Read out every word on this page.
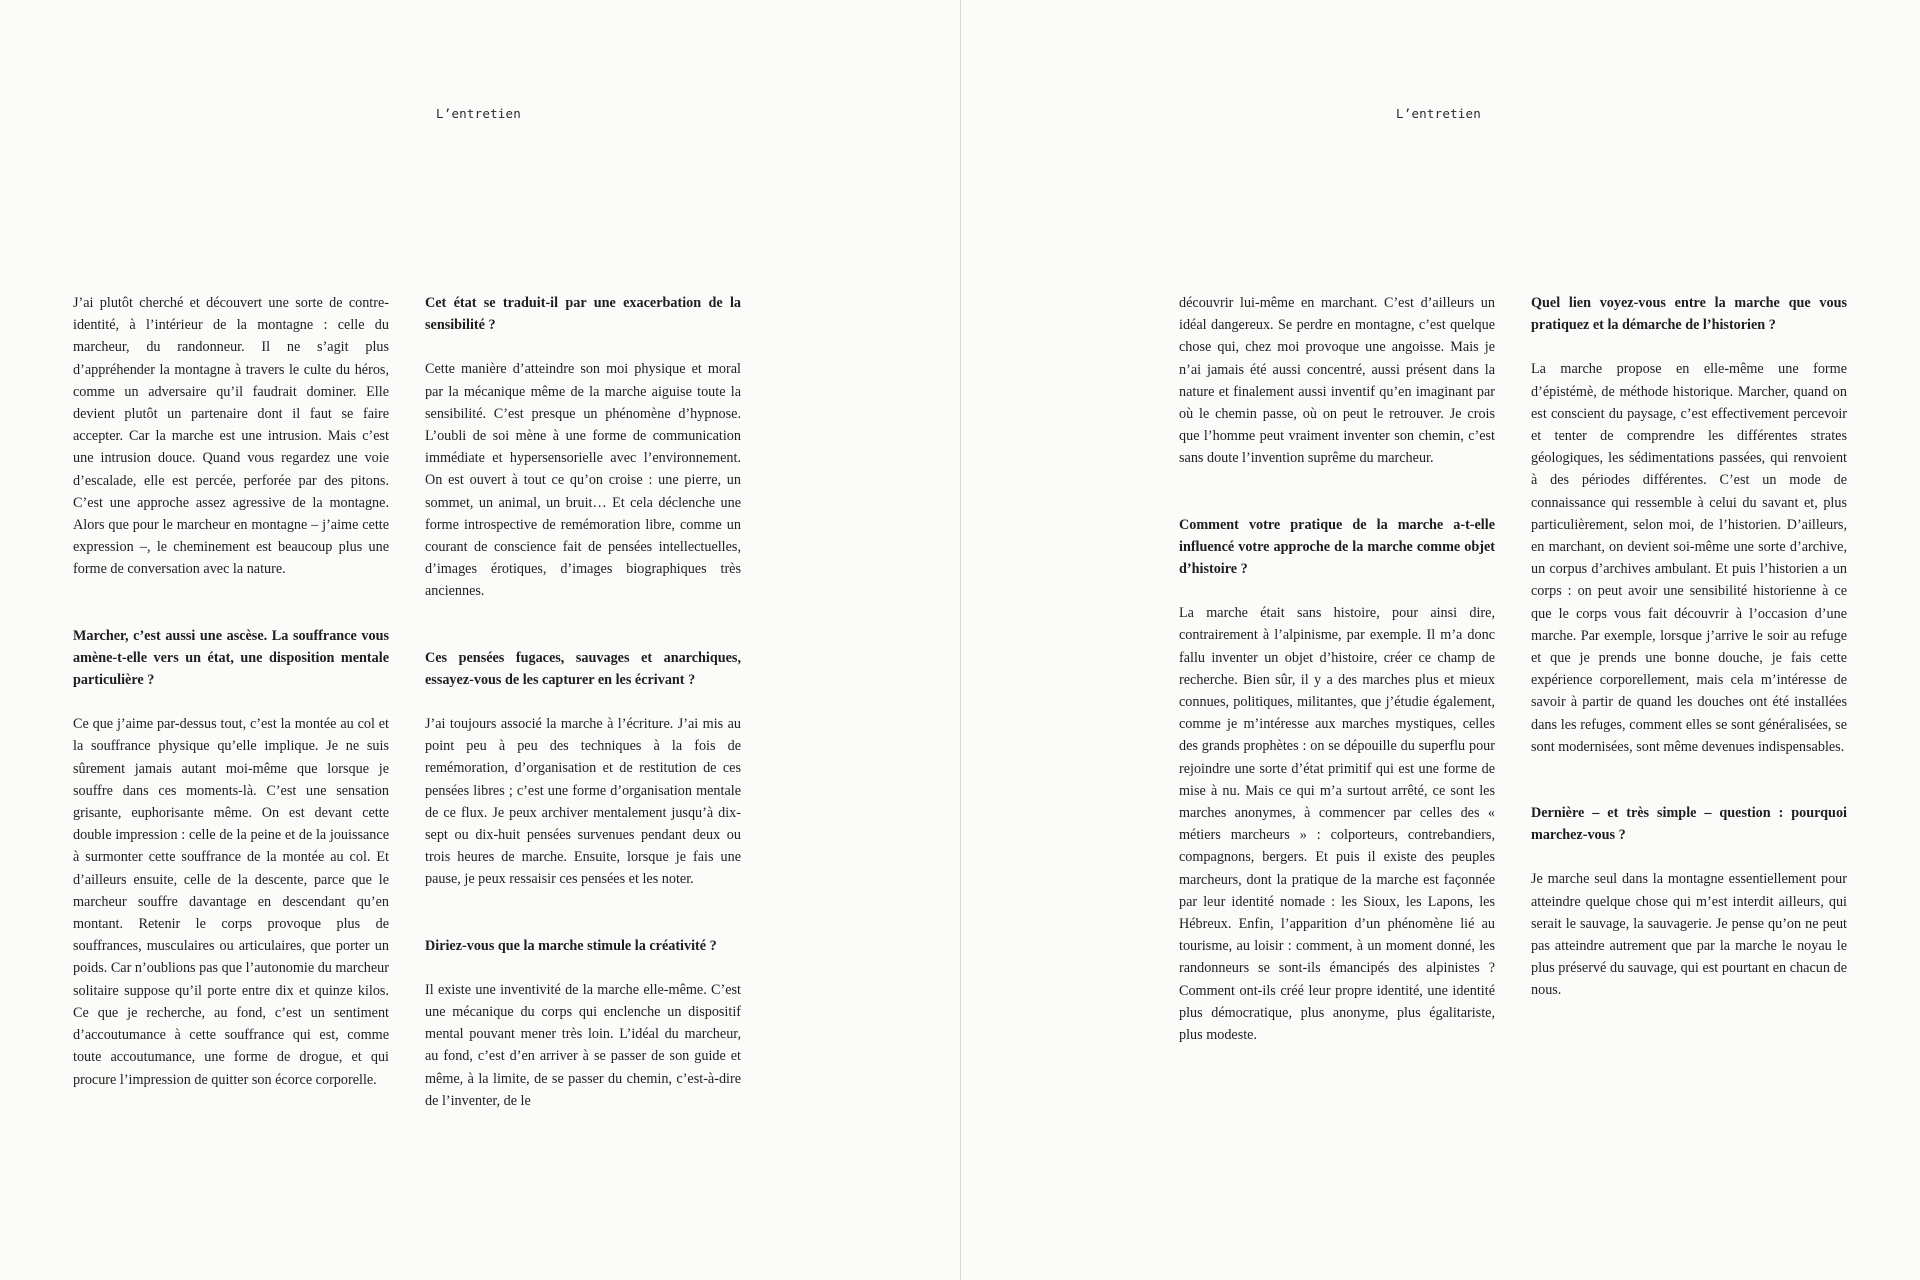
L’entretien

J’ai plutôt cherché et découvert une sorte de contre-identité, à l’intérieur de la montagne : celle du marcheur, du randonneur. Il ne s’agit plus d’appréhender la montagne à travers le culte du héros, comme un adversaire qu’il faudrait dominer. Elle devient plutôt un partenaire dont il faut se faire accepter. Car la marche est une intrusion. Mais c’est une intrusion douce. Quand vous regardez une voie d’escalade, elle est percée, perforée par des pitons. C’est une approche assez agressive de la montagne. Alors que pour le marcheur en montagne – j’aime cette expression –, le cheminement est beaucoup plus une forme de conversation avec la nature.

Marcher, c’est aussi une ascèse. La souffrance vous amène-t-elle vers un état, une disposition mentale particulière ?

Ce que j’aime par-dessus tout, c’est la montée au col et la souffrance physique qu’elle implique. Je ne suis sûrement jamais autant moi-même que lorsque je souffre dans ces moments-là. C’est une sensation grisante, euphorisante même. On est devant cette double impression : celle de la peine et de la jouissance à surmonter cette souffrance de la montée au col. Et d’ailleurs ensuite, celle de la descente, parce que le marcheur souffre davantage en descendant qu’en montant. Retenir le corps provoque plus de souffrances, musculaires ou articulaires, que porter un poids. Car n’oublions pas que l’autonomie du marcheur solitaire suppose qu’il porte entre dix et quinze kilos. Ce que je recherche, au fond, c’est un sentiment d’accoutumance à cette souffrance qui est, comme toute accoutumance, une forme de drogue, et qui procure l’impression de quitter son écorce corporelle.

Cet état se traduit-il par une exacerbation de la sensibilité ?

Cette manière d’atteindre son moi physique et moral par la mécanique même de la marche aiguise toute la sensibilité. C’est presque un phénomène d’hypnose. L’oubli de soi mène à une forme de communication immédiate et hypersensorielle avec l’environnement. On est ouvert à tout ce qu’on croise : une pierre, un sommet, un animal, un bruit… Et cela déclenche une forme introspective de remémoration libre, comme un courant de conscience fait de pensées intellectuelles, d’images érotiques, d’images biographiques très anciennes.

Ces pensées fugaces, sauvages et anarchiques, essayez-vous de les capturer en les écrivant ?

J’ai toujours associé la marche à l’écriture. J’ai mis au point peu à peu des techniques à la fois de remémoration, d’organisation et de restitution de ces pensées libres ; c’est une forme d’organisation mentale de ce flux. Je peux archiver mentalement jusqu’à dix-sept ou dix-huit pensées survenues pendant deux ou trois heures de marche. Ensuite, lorsque je fais une pause, je peux ressaisir ces pensées et les noter.

Diriez-vous que la marche stimule la créativité ?

Il existe une inventivité de la marche elle-même. C’est une mécanique du corps qui enclenche un dispositif mental pouvant mener très loin. L’idéal du marcheur, au fond, c’est d’en arriver à se passer de son guide et même, à la limite, de se passer du chemin, c’est-à-dire de l’inventer, de le

L’entretien

découvrir lui-même en marchant. C’est d’ailleurs un idéal dangereux. Se perdre en montagne, c’est quelque chose qui, chez moi provoque une angoisse. Mais je n’ai jamais été aussi concentré, aussi présent dans la nature et finalement aussi inventif qu’en imaginant par où le chemin passe, où on peut le retrouver. Je crois que l’homme peut vraiment inventer son chemin, c’est sans doute l’invention suprême du marcheur.

Comment votre pratique de la marche a-t-elle influencé votre approche de la marche comme objet d’histoire ?

La marche était sans histoire, pour ainsi dire, contrairement à l’alpinisme, par exemple. Il m’a donc fallu inventer un objet d’histoire, créer ce champ de recherche. Bien sûr, il y a des marches plus et mieux connues, politiques, militantes, que j’étudie également, comme je m’intéresse aux marches mystiques, celles des grands prophètes : on se dépouille du superflu pour rejoindre une sorte d’état primitif qui est une forme de mise à nu. Mais ce qui m’a surtout arrêté, ce sont les marches anonymes, à commencer par celles des « métiers marcheurs » : colporteurs, contrebandiers, compagnons, bergers. Et puis il existe des peuples marcheurs, dont la pratique de la marche est façonnée par leur identité nomade : les Sioux, les Lapons, les Hébreux. Enfin, l’apparition d’un phénomène lié au tourisme, au loisir : comment, à un moment donné, les randonneurs se sont-ils émancipés des alpinistes ? Comment ont-ils créé leur propre identité, une identité plus démocratique, plus anonyme, plus égalitariste, plus modeste.

Quel lien voyez-vous entre la marche que vous pratiquez et la démarche de l’historien ?

La marche propose en elle-même une forme d’épistémè, de méthode historique. Marcher, quand on est conscient du paysage, c’est effectivement percevoir et tenter de comprendre les différentes strates géologiques, les sédimentations passées, qui renvoient à des périodes différentes. C’est un mode de connaissance qui ressemble à celui du savant et, plus particulièrement, selon moi, de l’historien. D’ailleurs, en marchant, on devient soi-même une sorte d’archive, un corpus d’archives ambulant. Et puis l’historien a un corps : on peut avoir une sensibilité historienne à ce que le corps vous fait découvrir à l’occasion d’une marche. Par exemple, lorsque j’arrive le soir au refuge et que je prends une bonne douche, je fais cette expérience corporellement, mais cela m’intéresse de savoir à partir de quand les douches ont été installées dans les refuges, comment elles se sont généralisées, se sont modernisées, sont même devenues indispensables.

Dernière – et très simple – question : pourquoi marchez-vous ?

Je marche seul dans la montagne essentiellement pour atteindre quelque chose qui m’est interdit ailleurs, qui serait le sauvage, la sauvagerie. Je pense qu’on ne peut pas atteindre autrement que par la marche le noyau le plus préservé du sauvage, qui est pourtant en chacun de nous.
